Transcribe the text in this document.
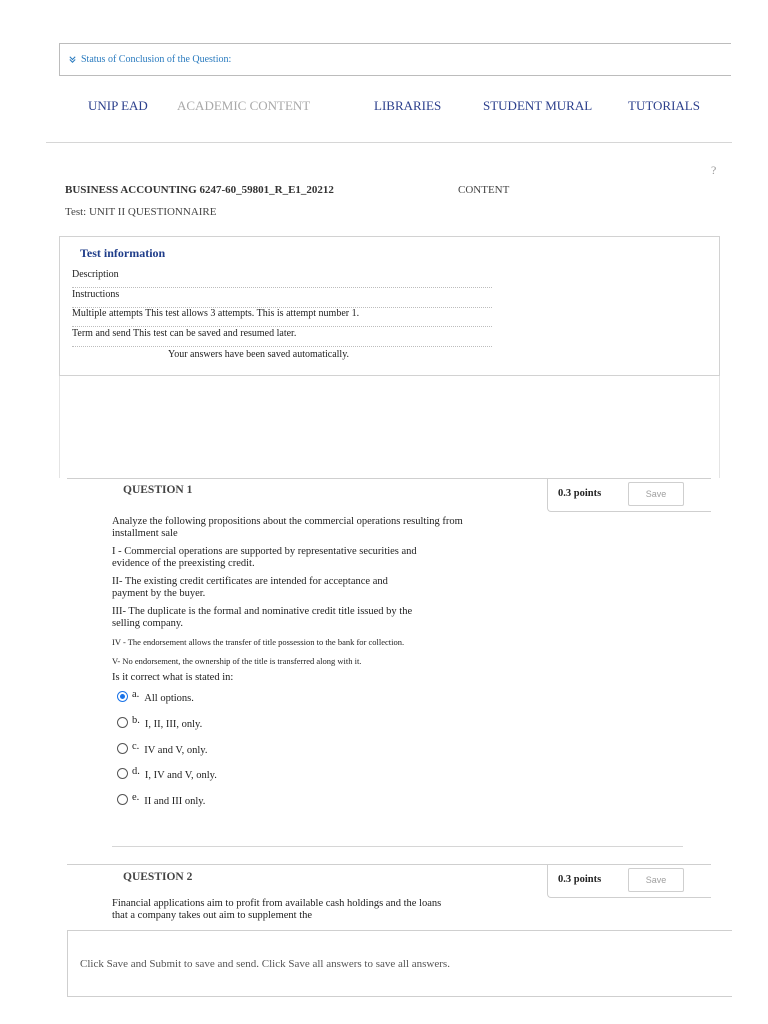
Status of Conclusion of the Question:
UNIP EAD ACADEMIC CONTENT	LIBRARIES	STUDENT MURAL	TUTORIALS
?
BUSINESS ACCOUNTING 6247-60_59801_R_E1_20212	CONTENT
Test: UNIT II QUESTIONNAIRE
Test information
Description
Instructions
Multiple attempts This test allows 3 attempts. This is attempt number 1.
Term and send This test can be saved and resumed later.
Your answers have been saved automatically.
QUESTION 1	0.3 points	Save

Analyze the following propositions about the commercial operations resulting from installment sale

I - Commercial operations are supported by representative securities and evidence of the preexisting credit.

II- The existing credit certificates are intended for acceptance and payment by the buyer.

III- The duplicate is the formal and nominative credit title issued by the selling company.

IV - The endorsement allows the transfer of title possession to the bank for collection.

V- No endorsement, the ownership of the title is transferred along with it.

Is it correct what is stated in:

a. All options.
b. I, II, III, only.
c. IV and V, only.
d. I, IV and V, only.
e. II and III only.
QUESTION 2	0.3 points	Save

Financial applications aim to profit from available cash holdings and the loans that a company takes out aim to supplement the

Click Save and Submit to save and send. Click Save all answers to save all answers.
